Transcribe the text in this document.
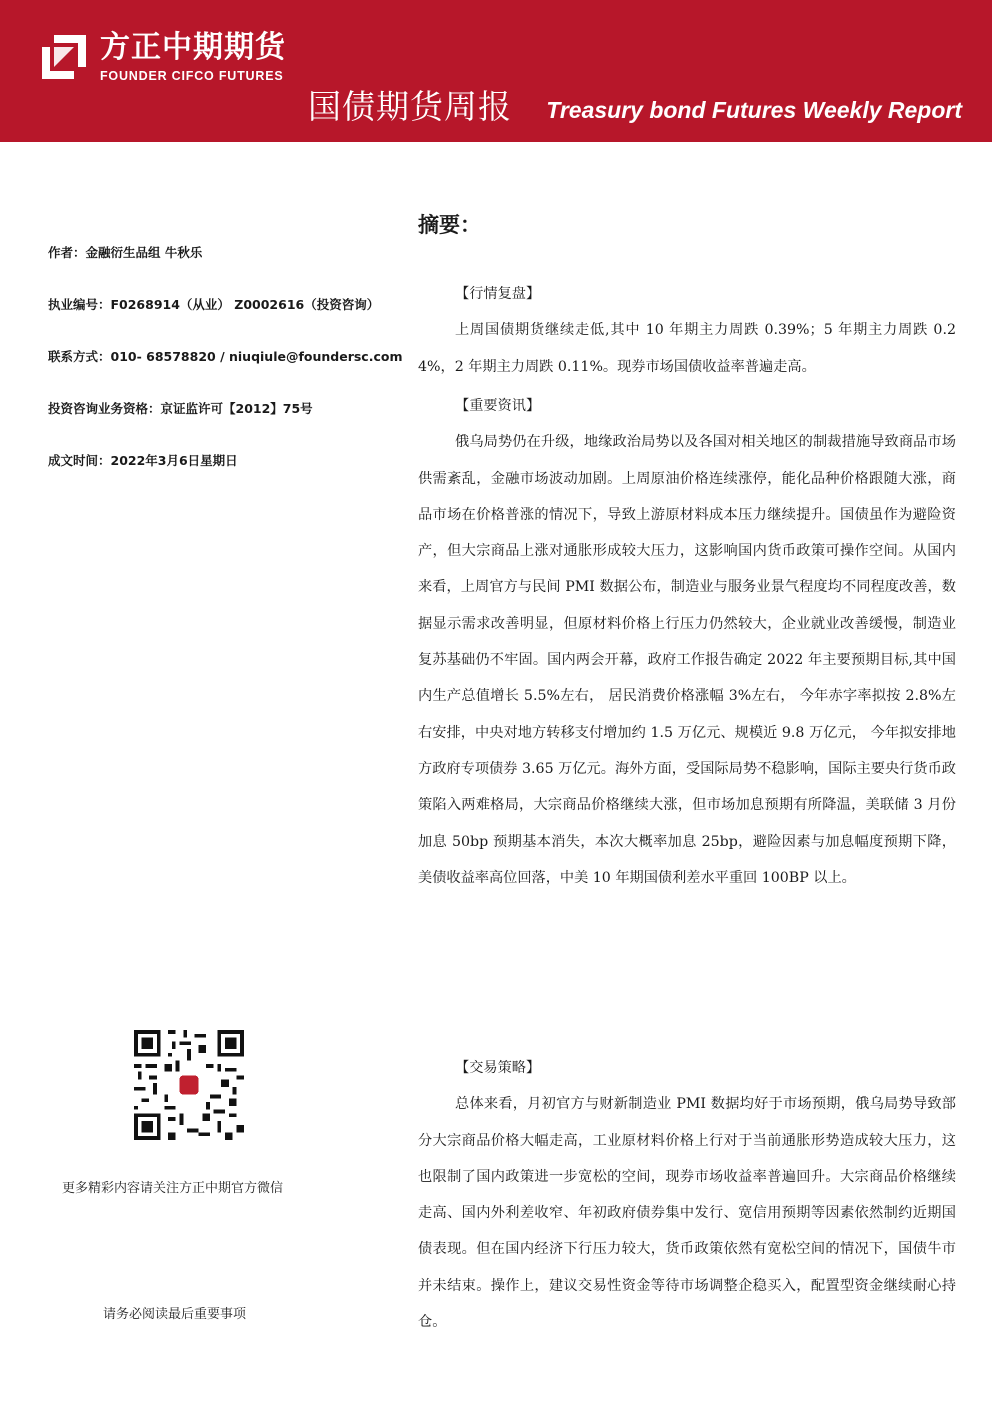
方正中期期货
FOUNDER CIFCO FUTURES
国债期货周报 Treasury bond Futures Weekly Report
作者：金融衍生品组 牛秋乐
执业编号：F0268914（从业） Z0002616（投资咨询）
联系方式：010- 68578820 / niuqiule@foundersc.com
投资咨询业务资格：京证监许可【2012】75号
成文时间：2022年3月6日星期日
更多精彩内容请关注方正中期官方微信
请务必阅读最后重要事项
摘要：
【行情复盘】
上周国债期货继续走低,其中 10 年期主力周跌 0.39%；5 年期主力周跌 0.24%，2 年期主力周跌 0.11%。现券市场国债收益率普遍走高。
【重要资讯】
俄乌局势仍在升级，地缘政治局势以及各国对相关地区的制裁措施导致商品市场供需紊乱，金融市场波动加剧。上周原油价格连续涨停，能化品种价格跟随大涨，商品市场在价格普涨的情况下，导致上游原材料成本压力继续提升。国债虽作为避险资产，但大宗商品上涨对通胀形成较大压力，这影响国内货币政策可操作空间。从国内来看，上周官方与民间 PMI 数据公布，制造业与服务业景气程度均不同程度改善，数据显示需求改善明显，但原材料价格上行压力仍然较大，企业就业改善缓慢，制造业复苏基础仍不牢固。国内两会开幕，政府工作报告确定 2022 年主要预期目标,其中国内生产总值增长 5.5%左右， 居民消费价格涨幅 3%左右， 今年赤字率拟按 2.8%左右安排，中央对地方转移支付增加约 1.5 万亿元、规模近 9.8 万亿元， 今年拟安排地方政府专项债券 3.65 万亿元。海外方面，受国际局势不稳影响，国际主要央行货币政策陷入两难格局，大宗商品价格继续大涨，但市场加息预期有所降温，美联储 3 月份加息 50bp 预期基本消失，本次大概率加息 25bp，避险因素与加息幅度预期下降，美债收益率高位回落，中美 10 年期国债利差水平重回 100BP 以上。
【交易策略】
总体来看，月初官方与财新制造业 PMI 数据均好于市场预期，俄乌局势导致部分大宗商品价格大幅走高，工业原材料价格上行对于当前通胀形势造成较大压力，这也限制了国内政策进一步宽松的空间，现券市场收益率普遍回升。大宗商品价格继续走高、国内外利差收窄、年初政府债券集中发行、宽信用预期等因素依然制约近期国债表现。但在国内经济下行压力较大，货币政策依然有宽松空间的情况下，国债牛市并未结束。操作上，建议交易性资金等待市场调整企稳买入，配置型资金继续耐心持仓。
